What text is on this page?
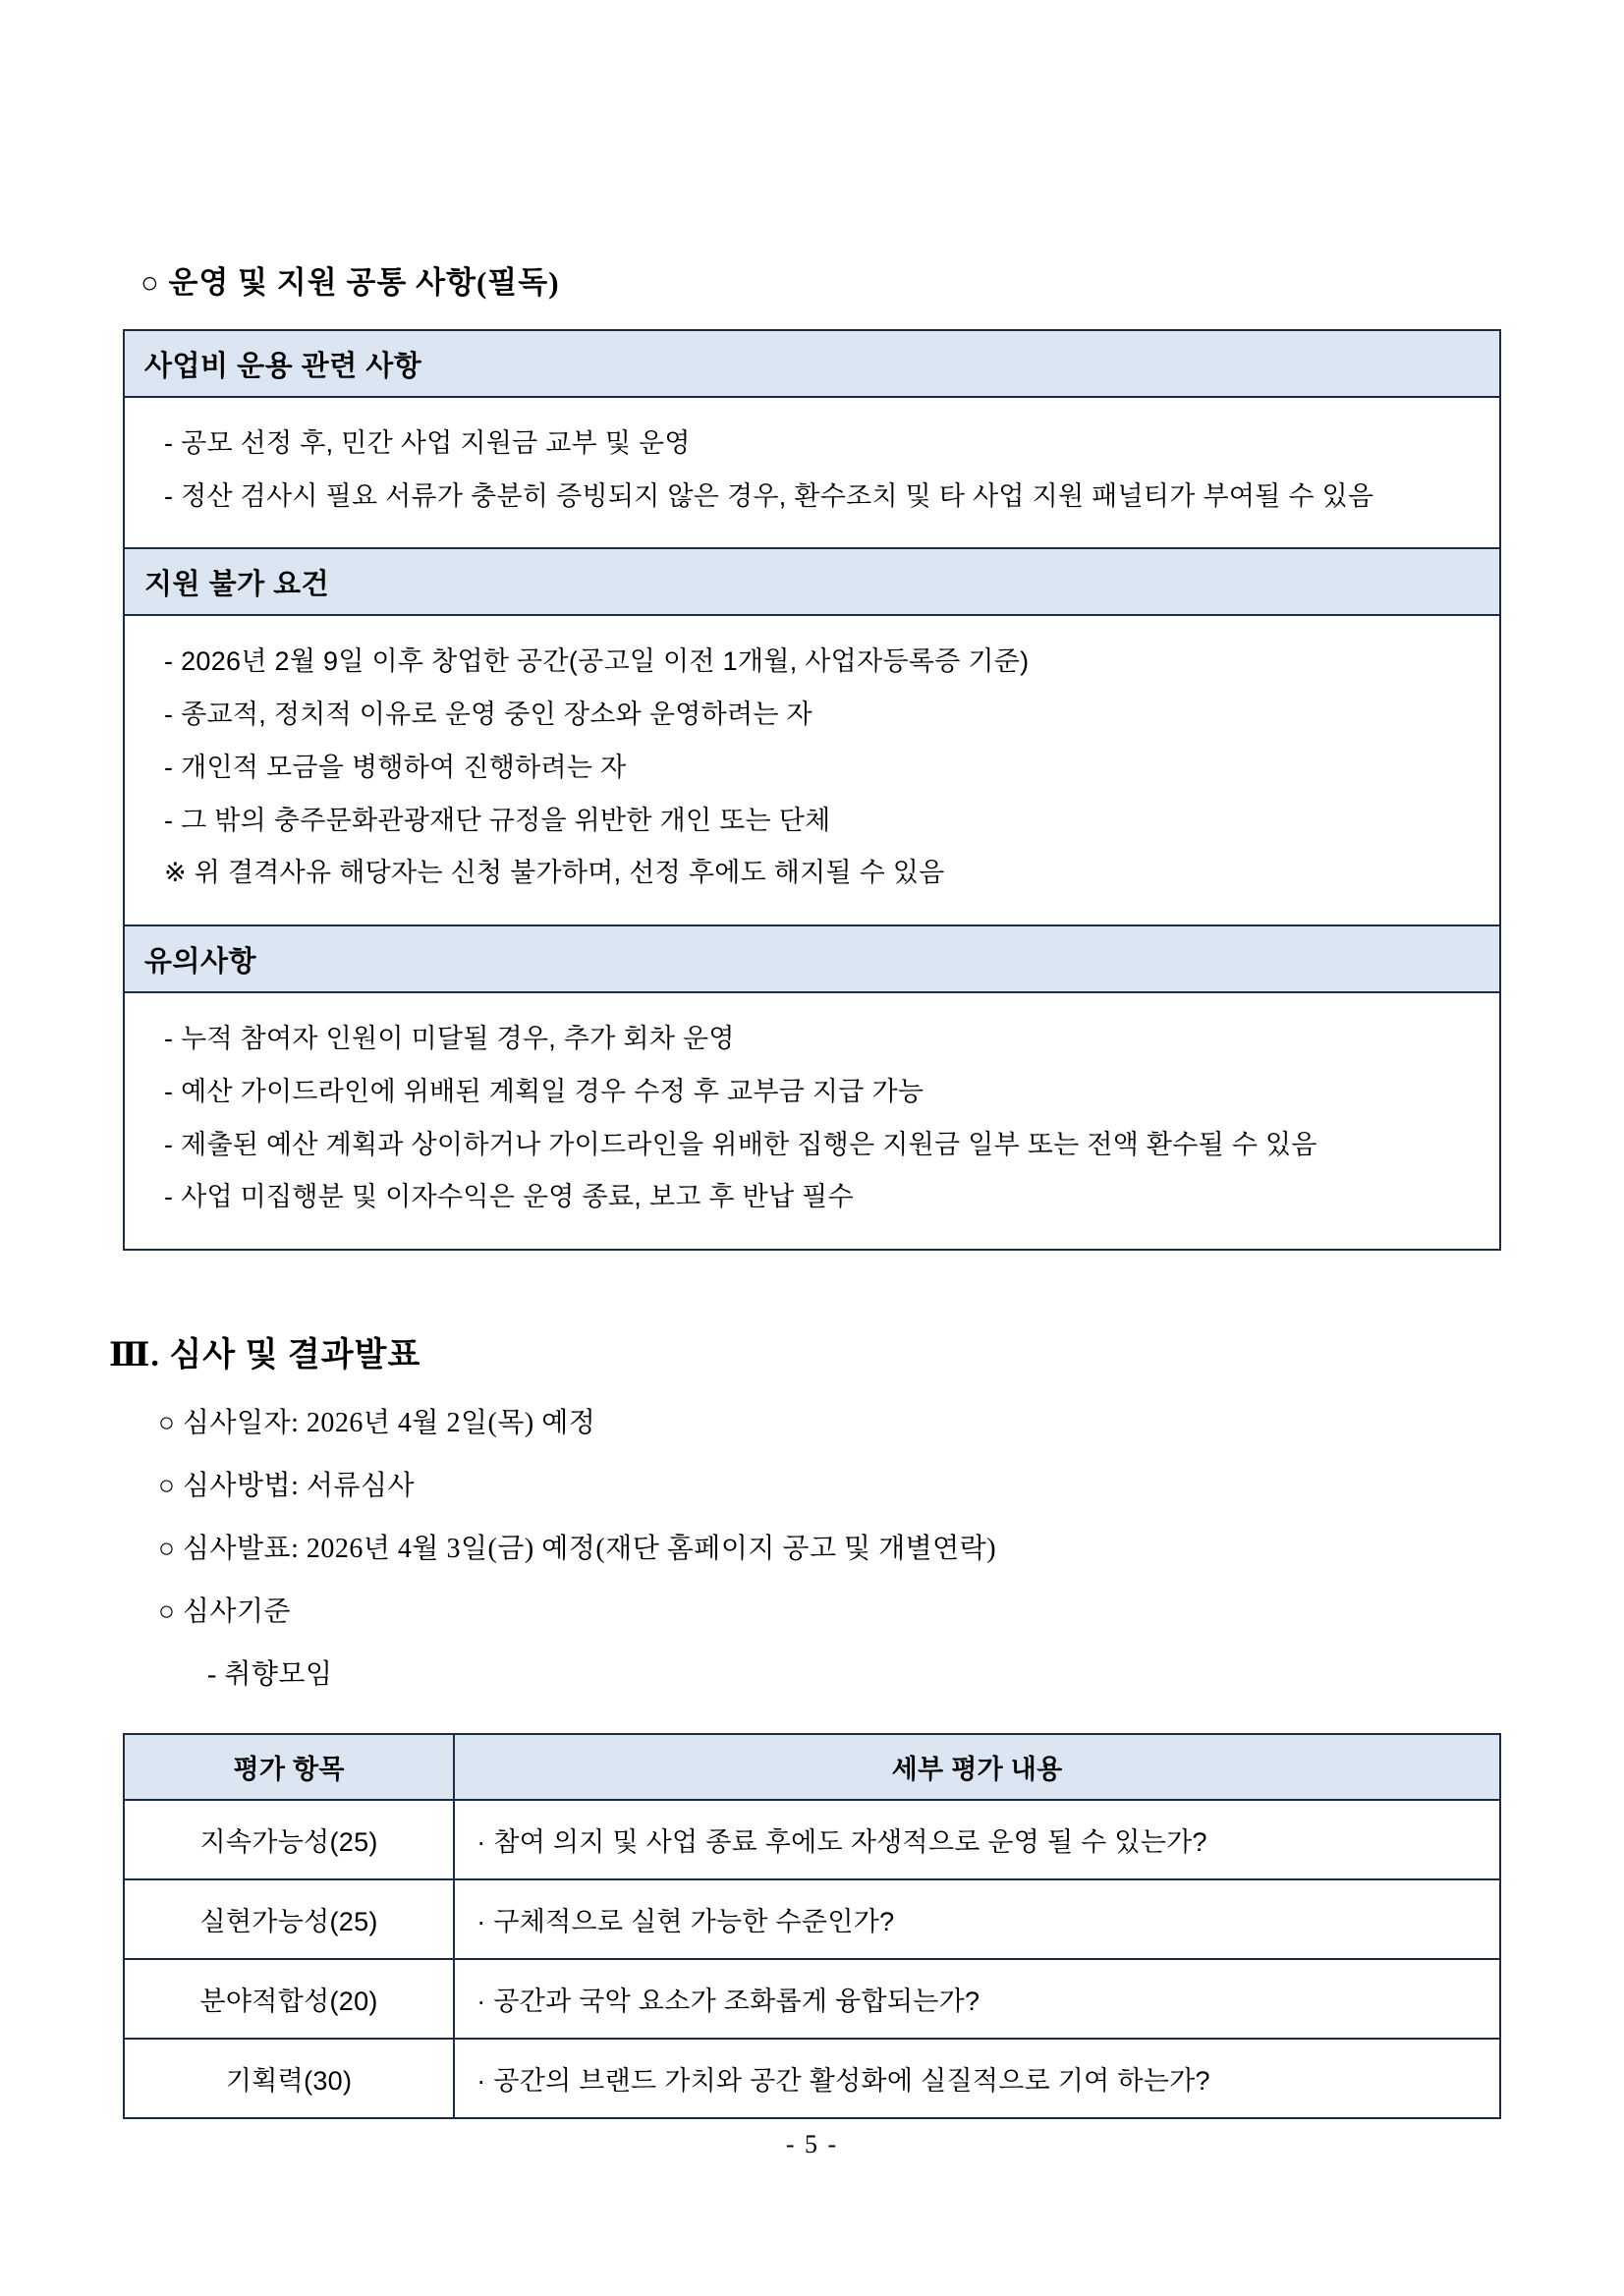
○ 운영 및 지원 공통 사항(필독)
사업비 운용 관련 사항

- 공모 선정 후, 민간 사업 지원금 교부 및 운영

- 정산 검사시 필요 서류가 충분히 증빙되지 않은 경우, 환수조치 및 타 사업 지원 패널티가 부여될 수 있음

지원 불가 요건

- 2026년 2월 9일 이후 창업한 공간(공고일 이전 1개월, 사업자등록증 기준)

- 종교적, 정치적 이유로 운영 중인 장소와 운영하려는 자

- 개인적 모금을 병행하여 진행하려는 자

- 그 밖의 충주문화관광재단 규정을 위반한 개인 또는 단체

※ 위 결격사유 해당자는 신청 불가하며, 선정 후에도 해지될 수 있음

유의사항

- 누적 참여자 인원이 미달될 경우, 추가 회차 운영

- 예산 가이드라인에 위배된 계획일 경우 수정 후 교부금 지급 가능

- 제출된 예산 계획과 상이하거나 가이드라인을 위배한 집행은 지원금 일부 또는 전액 환수될 수 있음

- 사업 미집행분 및 이자수익은 운영 종료, 보고 후 반납 필수

Ⅲ. 심사 및 결과발표

○ 심사일자: 2026년 4월 2일(목) 예정

○ 심사방법: 서류심사

○ 심사발표: 2026년 4월 3일(금) 예정(재단 홈페이지 공고 및 개별연락)

○ 심사기준

- 취향모임

평가 항목	세부 평가 내용
지속가능성(25)	· 참여 의지 및 사업 종료 후에도 자생적으로 운영 될 수 있는가?
실현가능성(25)	· 구체적으로 실현 가능한 수준인가?
분야적합성(20)	· 공간과 국악 요소가 조화롭게 융합되는가?
기획력(30)	· 공간의 브랜드 가치와 공간 활성화에 실질적으로 기여 하는가?
- 5 -
